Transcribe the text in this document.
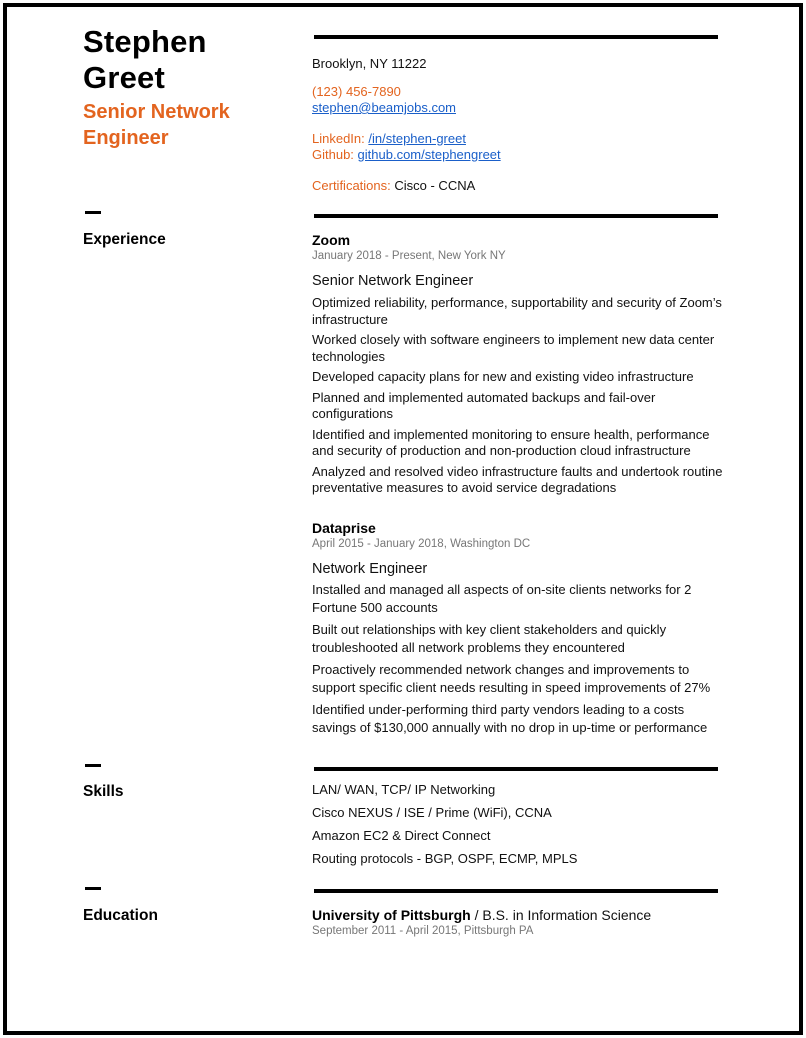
Stephen
Greet
Senior Network Engineer
Brooklyn, NY 11222
(123) 456-7890
stephen@beamjobs.com
LinkedIn: /in/stephen-greet
Github: github.com/stephengreet
Certifications: Cisco - CCNA
Experience	Zoom
January 2018 - Present, New York NY
Senior Network Engineer
Optimized reliability, performance, supportability and security of Zoom’s infrastructure
Worked closely with software engineers to implement new data center technologies
Developed capacity plans for new and existing video infrastructure
Planned and implemented automated backups and fail-over configurations
Identified and implemented monitoring to ensure health, performance and security of production and non-production cloud infrastructure
Analyzed and resolved video infrastructure faults and undertook routine preventative measures to avoid service degradations
Dataprise
April 2015 - January 2018, Washington DC
Network Engineer
Installed and managed all aspects of on-site clients networks for 2 Fortune 500 accounts
Built out relationships with key client stakeholders and quickly troubleshooted all network problems they encountered
Proactively recommended network changes and improvements to support specific client needs resulting in speed improvements of 27%
Identified under-performing third party vendors leading to a costs savings of $130,000 annually with no drop in up-time or performance
Skills	LAN/ WAN, TCP/ IP Networking
Cisco NEXUS / ISE / Prime (WiFi), CCNA
Amazon EC2 & Direct Connect
Routing protocols - BGP, OSPF, ECMP, MPLS
Education	University of Pittsburgh / B.S. in Information Science
September 2011 - April 2015, Pittsburgh PA
